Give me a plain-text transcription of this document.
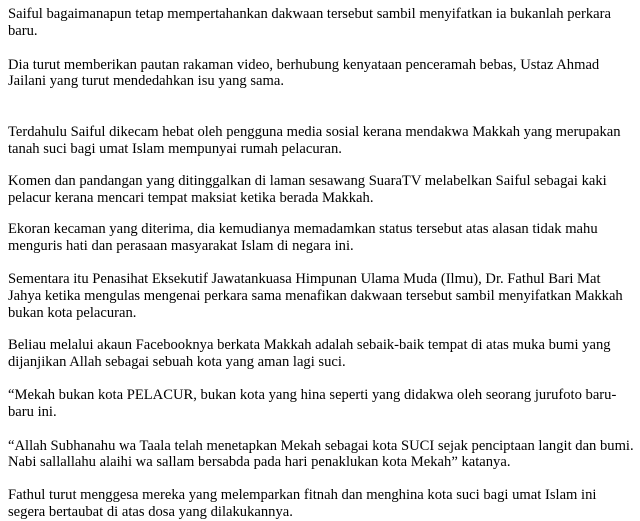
Saiful bagaimanapun tetap mempertahankan dakwaan tersebut sambil menyifatkan ia bukanlah perkara baru.

Dia turut memberikan pautan rakaman video, berhubung kenyataan penceramah bebas, Ustaz Ahmad Jailani yang turut mendedahkan isu yang sama.

Terdahulu Saiful dikecam hebat oleh pengguna media sosial kerana mendakwa Makkah yang merupakan tanah suci bagi umat Islam mempunyai rumah pelacuran.

Komen dan pandangan yang ditinggalkan di laman sesawang SuaraTV melabelkan Saiful sebagai kaki pelacur kerana mencari tempat maksiat ketika berada Makkah.

Ekoran kecaman yang diterima, dia kemudianya memadamkan status tersebut atas alasan tidak mahu menguris hati dan perasaan masyarakat Islam di negara ini.

Sementara itu Penasihat Eksekutif Jawatankuasa Himpunan Ulama Muda (Ilmu), Dr. Fathul Bari Mat Jahya ketika mengulas mengenai perkara sama menafikan dakwaan tersebut sambil menyifatkan Makkah bukan kota pelacuran.

Beliau melalui akaun Facebooknya berkata Makkah adalah sebaik-baik tempat di atas muka bumi yang dijanjikan Allah sebagai sebuah kota yang aman lagi suci.

“Mekah bukan kota PELACUR, bukan kota yang hina seperti yang didakwa oleh seorang jurufoto baru-baru ini.

“Allah Subhanahu wa Taala telah menetapkan Mekah sebagai kota SUCI sejak penciptaan langit dan bumi. Nabi sallallahu alaihi wa sallam bersabda pada hari penaklukan kota Mekah” katanya.

Fathul turut menggesa mereka yang melemparkan fitnah dan menghina kota suci bagi umat Islam ini segera bertaubat di atas dosa yang dilakukannya.
